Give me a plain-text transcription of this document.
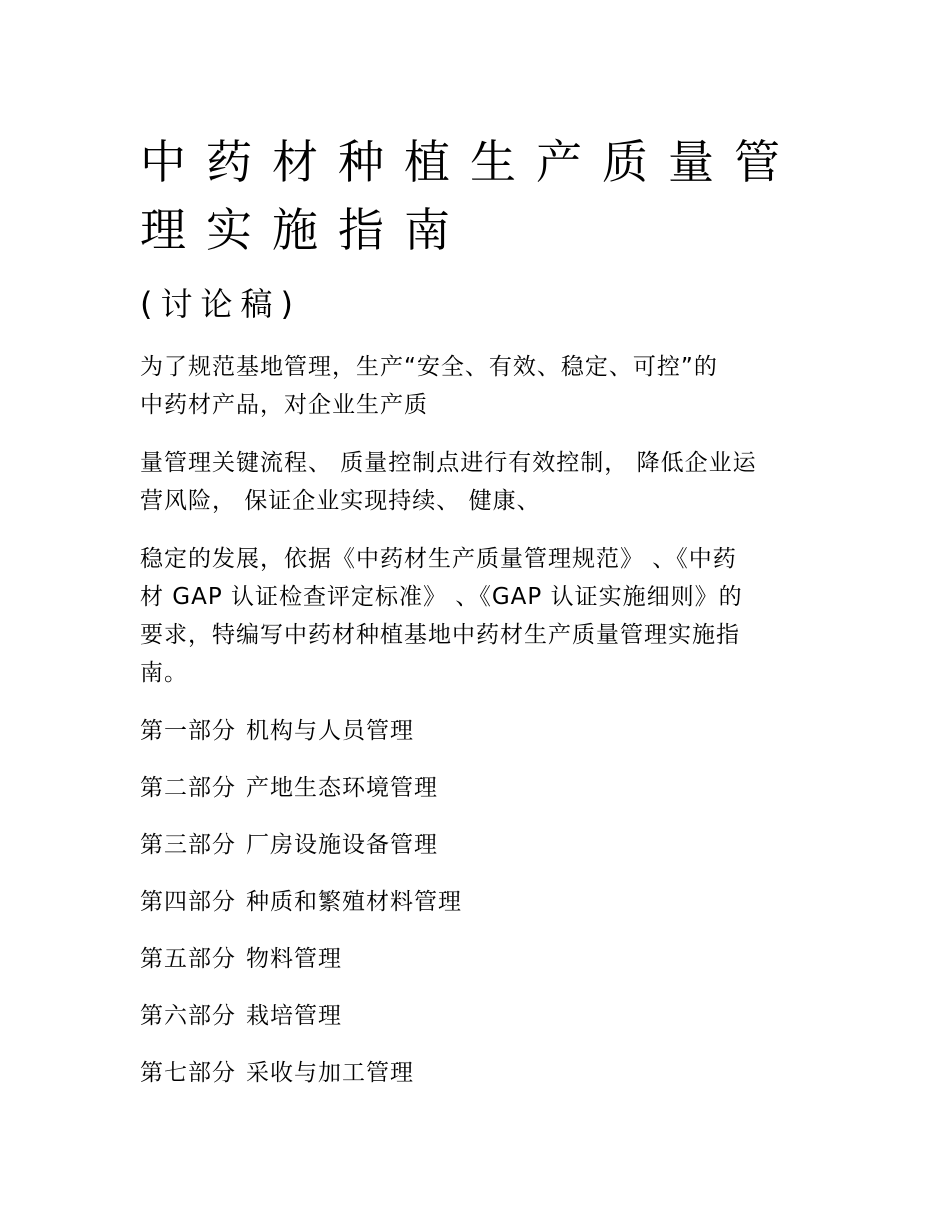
中药材种植生产质量管
理实施指南
(讨论稿)

为了规范基地管理，生产“安全、有效、稳定、可控”的
中药材产品，对企业生产质

量管理关键流程、 质量控制点进行有效控制， 降低企业运
营风险， 保证企业实现持续、 健康、

稳定的发展，依据《中药材生产质量管理规范》 、《中药
材 GAP 认证检查评定标准》 、《GAP 认证实施细则》的
要求，特编写中药材种植基地中药材生产质量管理实施指
南。

第一部分 机构与人员管理
第二部分 产地生态环境管理
第三部分 厂房设施设备管理
第四部分 种质和繁殖材料管理
第五部分 物料管理
第六部分 栽培管理
第七部分 采收与加工管理
